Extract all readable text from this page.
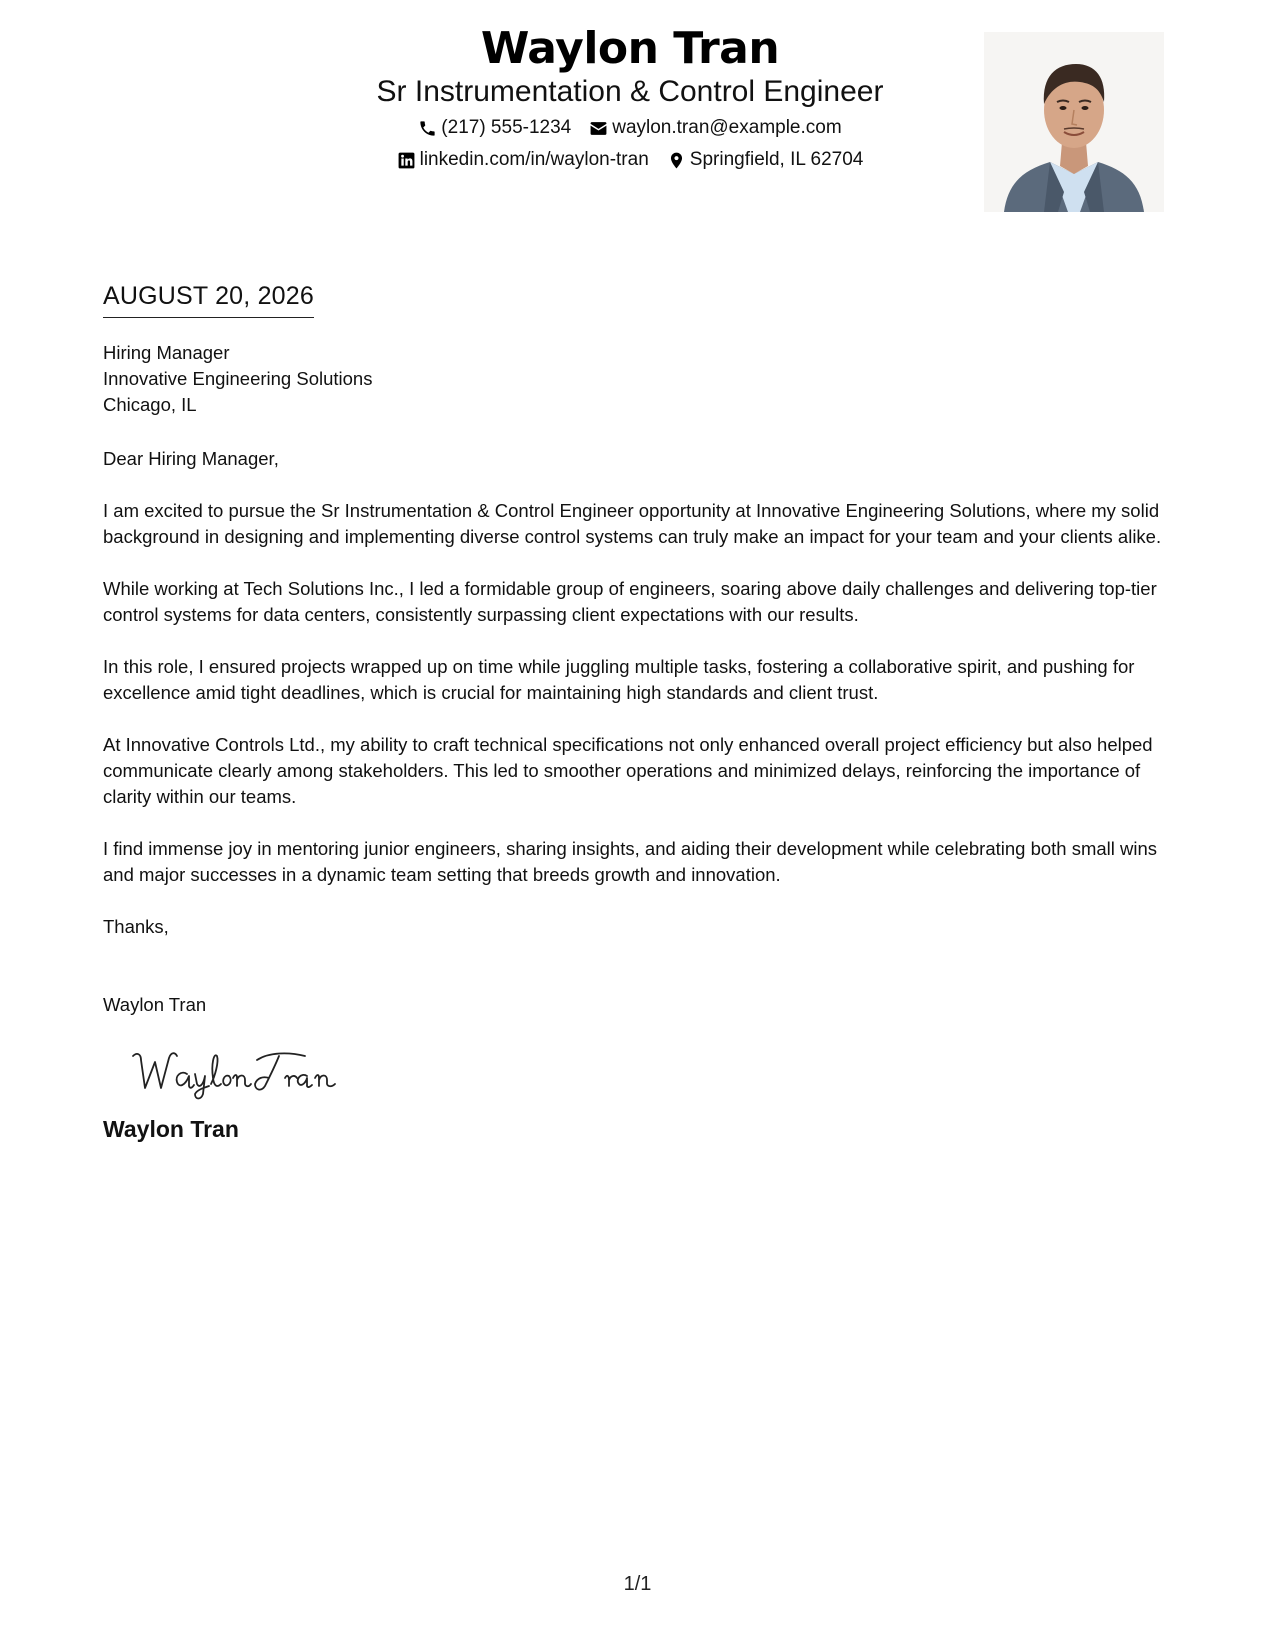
Waylon Tran
Sr Instrumentation & Control Engineer
(217) 555-1234 waylon.tran@example.com
linkedin.com/in/waylon-tran Springfield, IL 62704
AUGUST 20, 2026
Hiring Manager
Innovative Engineering Solutions
Chicago, IL
Dear Hiring Manager,
I am excited to pursue the Sr Instrumentation & Control Engineer opportunity at Innovative Engineering Solutions, where my solid background in designing and implementing diverse control systems can truly make an impact for your team and your clients alike.
While working at Tech Solutions Inc., I led a formidable group of engineers, soaring above daily challenges and delivering top-tier control systems for data centers, consistently surpassing client expectations with our results.
In this role, I ensured projects wrapped up on time while juggling multiple tasks, fostering a collaborative spirit, and pushing for excellence amid tight deadlines, which is crucial for maintaining high standards and client trust.
At Innovative Controls Ltd., my ability to craft technical specifications not only enhanced overall project efficiency but also helped communicate clearly among stakeholders. This led to smoother operations and minimized delays, reinforcing the importance of clarity within our teams.
I find immense joy in mentoring junior engineers, sharing insights, and aiding their development while celebrating both small wins and major successes in a dynamic team setting that breeds growth and innovation.
Thanks,
Waylon Tran
Waylon Tran
1/1
